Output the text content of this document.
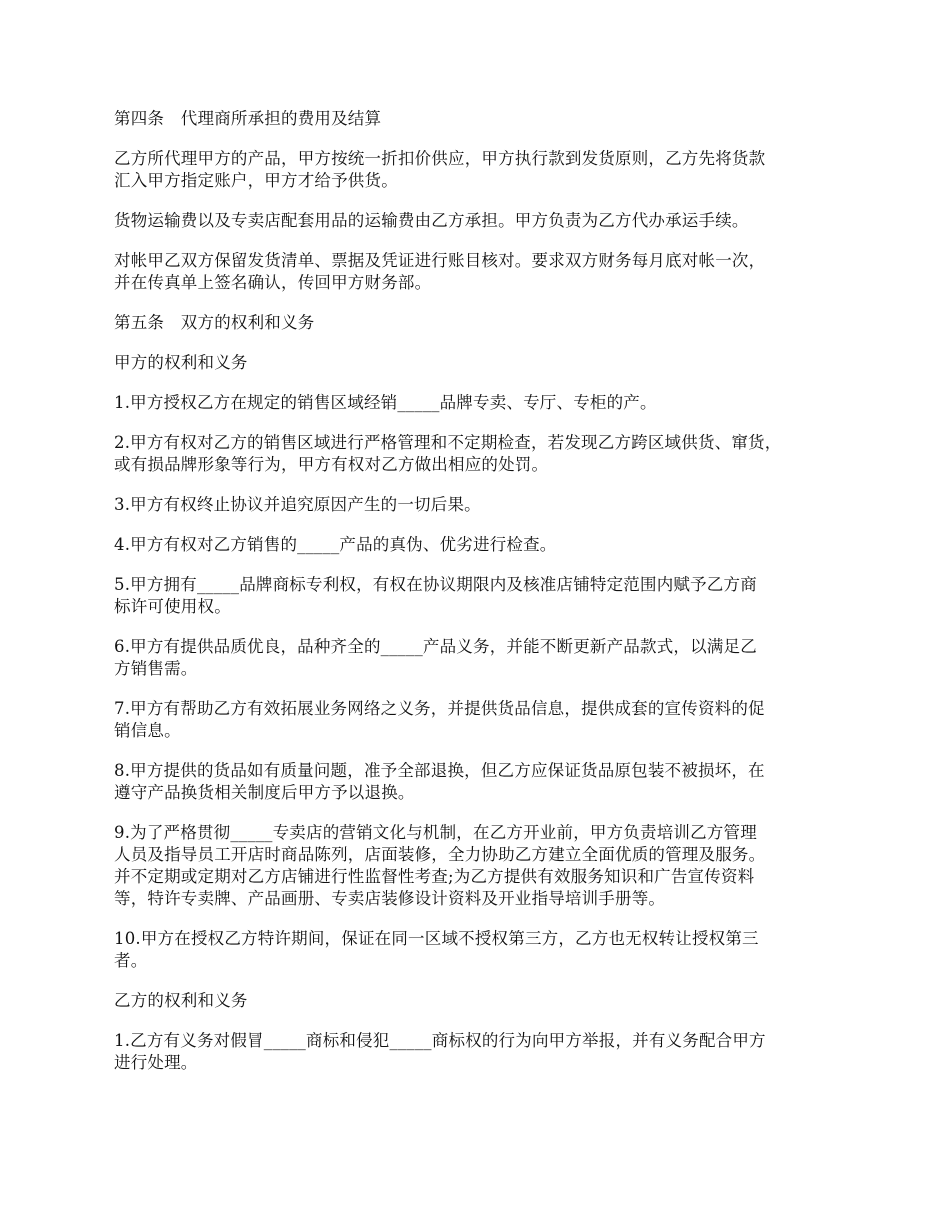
第四条　代理商所承担的费用及结算

乙方所代理甲方的产品，甲方按统一折扣价供应，甲方执行款到发货原则，乙方先将货款
汇入甲方指定账户，甲方才给予供货。

货物运输费以及专卖店配套用品的运输费由乙方承担。甲方负责为乙方代办承运手续。

对帐甲乙双方保留发货清单、票据及凭证进行账目核对。要求双方财务每月底对帐一次，
并在传真单上签名确认，传回甲方财务部。

第五条　双方的权利和义务

甲方的权利和义务

1.甲方授权乙方在规定的销售区域经销_____品牌专卖、专厅、专柜的产。

2.甲方有权对乙方的销售区域进行严格管理和不定期检查，若发现乙方跨区域供货、窜货，
或有损品牌形象等行为，甲方有权对乙方做出相应的处罚。

3.甲方有权终止协议并追究原因产生的一切后果。

4.甲方有权对乙方销售的_____产品的真伪、优劣进行检查。

5.甲方拥有_____品牌商标专利权，有权在协议期限内及核准店铺特定范围内赋予乙方商
标许可使用权。

6.甲方有提供品质优良，品种齐全的_____产品义务，并能不断更新产品款式，以满足乙
方销售需。

7.甲方有帮助乙方有效拓展业务网络之义务，并提供货品信息，提供成套的宣传资料的促
销信息。

8.甲方提供的货品如有质量问题，准予全部退换，但乙方应保证货品原包装不被损坏，在
遵守产品换货相关制度后甲方予以退换。

9.为了严格贯彻_____专卖店的营销文化与机制，在乙方开业前，甲方负责培训乙方管理
人员及指导员工开店时商品陈列，店面装修，全力协助乙方建立全面优质的管理及服务。
并不定期或定期对乙方店铺进行性监督性考查;为乙方提供有效服务知识和广告宣传资料
等，特许专卖牌、产品画册、专卖店装修设计资料及开业指导培训手册等。

10.甲方在授权乙方特许期间，保证在同一区域不授权第三方，乙方也无权转让授权第三
者。

乙方的权利和义务

1.乙方有义务对假冒_____商标和侵犯_____商标权的行为向甲方举报，并有义务配合甲方
进行处理。
